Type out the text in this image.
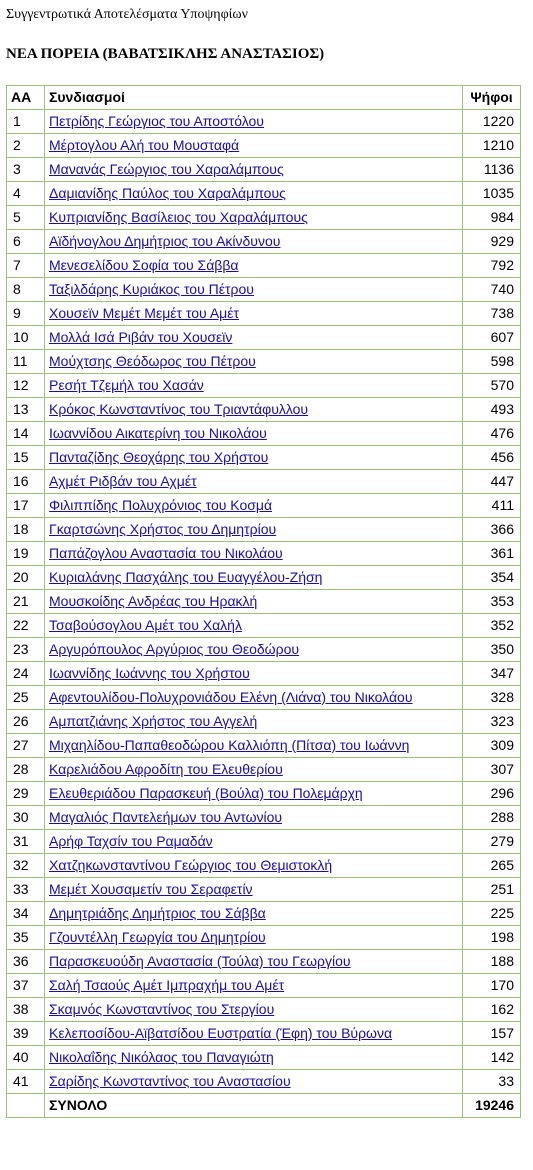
Συγγεντρωτικά Αποτελέσματα Υποψηφίων
ΝΕΑ ΠΟΡΕΙΑ (ΒΑΒΑΤΣΙΚΛΗΣ ΑΝΑΣΤΑΣΙΟΣ)
ΑΑ	Συνδιασμοί	Ψήφοι
1	Πετρίδης Γεώργιος του Αποστόλου	1220
2	Μέρτογλου Αλή του Μουσταφά	1210
3	Μανανάς Γεώργιος του Χαραλάμπους	1136
4	Δαμιανίδης Παύλος του Χαραλάμπους	1035
5	Κυπριανίδης Βασίλειος του Χαραλάμπους	984
6	Αϊδήνογλου Δημήτριος του Ακίνδυνου	929
7	Μενεσελίδου Σοφία του Σάββα	792
8	Ταξιλδάρης Κυριάκος του Πέτρου	740
9	Χουσεϊν Μεμέτ Μεμέτ του Αμέτ	738
10	Μολλά Ισά Ριβάν του Χουσεϊν	607
11	Μούχτσης Θεόδωρος του Πέτρου	598
12	Ρεσήτ Τζεμήλ του Χασάν	570
13	Κρόκος Κωνσταντίνος του Τριαντάφυλλου	493
14	Ιωαννίδου Αικατερίνη του Νικολάου	476
15	Πανταζίδης Θεοχάρης του Χρήστου	456
16	Αχμέτ Ριδβάν του Αχμέτ	447
17	Φιλιππίδης Πολυχρόνιος του Κοσμά	411
18	Γκαρτσώνης Χρήστος του Δημητρίου	366
19	Παπάζογλου Αναστασία του Νικολάου	361
20	Κυριαλάνης Πασχάλης του Ευαγγέλου-Ζήση	354
21	Μουσκοίδης Ανδρέας του Ηρακλή	353
22	Τσαβούσογλου Αμέτ του Χαλήλ	352
23	Αργυρόπουλος Αργύριος του Θεοδώρου	350
24	Ιωαννίδης Ιωάννης του Χρήστου	347
25	Αφεντουλίδου-Πολυχρονιάδου Ελένη (Λιάνα) του Νικολάου	328
26	Αμπατζιάνης Χρήστος του Αγγελή	323
27	Μιχαηλίδου-Παπαθεοδώρου Καλλιόπη (Πίτσα) του Ιωάννη	309
28	Καρελιάδου Αφροδίτη του Ελευθερίου	307
29	Ελευθεριάδου Παρασκευή (Βούλα) του Πολεμάρχη	296
30	Μαγαλιός Παντελεήμων του Αντωνίου	288
31	Αρήφ Ταχσίν του Ραμαδάν	279
32	Χατζηκωνσταντίνου Γεώργιος του Θεμιστοκλή	265
33	Μεμέτ Χουσαμετίν του Σεραφετίν	251
34	Δημητριάδης Δημήτριος του Σάββα	225
35	Γζουντέλλη Γεωργία του Δημητρίου	198
36	Παρασκευούδη Αναστασία (Τούλα) του Γεωργίου	188
37	Σαλή Τσαούς Αμέτ Ιμπραχήμ του Αμέτ	170
38	Σκαμνός Κωνσταντίνος του Στεργίου	162
39	Κελεποσίδου-Αϊβατσίδου Ευστρατία (Έφη) του Βύρωνα	157
40	Νικολαΐδης Νικόλαος του Παναγιώτη	142
41	Σαρίδης Κωνσταντίνος του Αναστασίου	33
	ΣΥΝΟΛΟ	19246
